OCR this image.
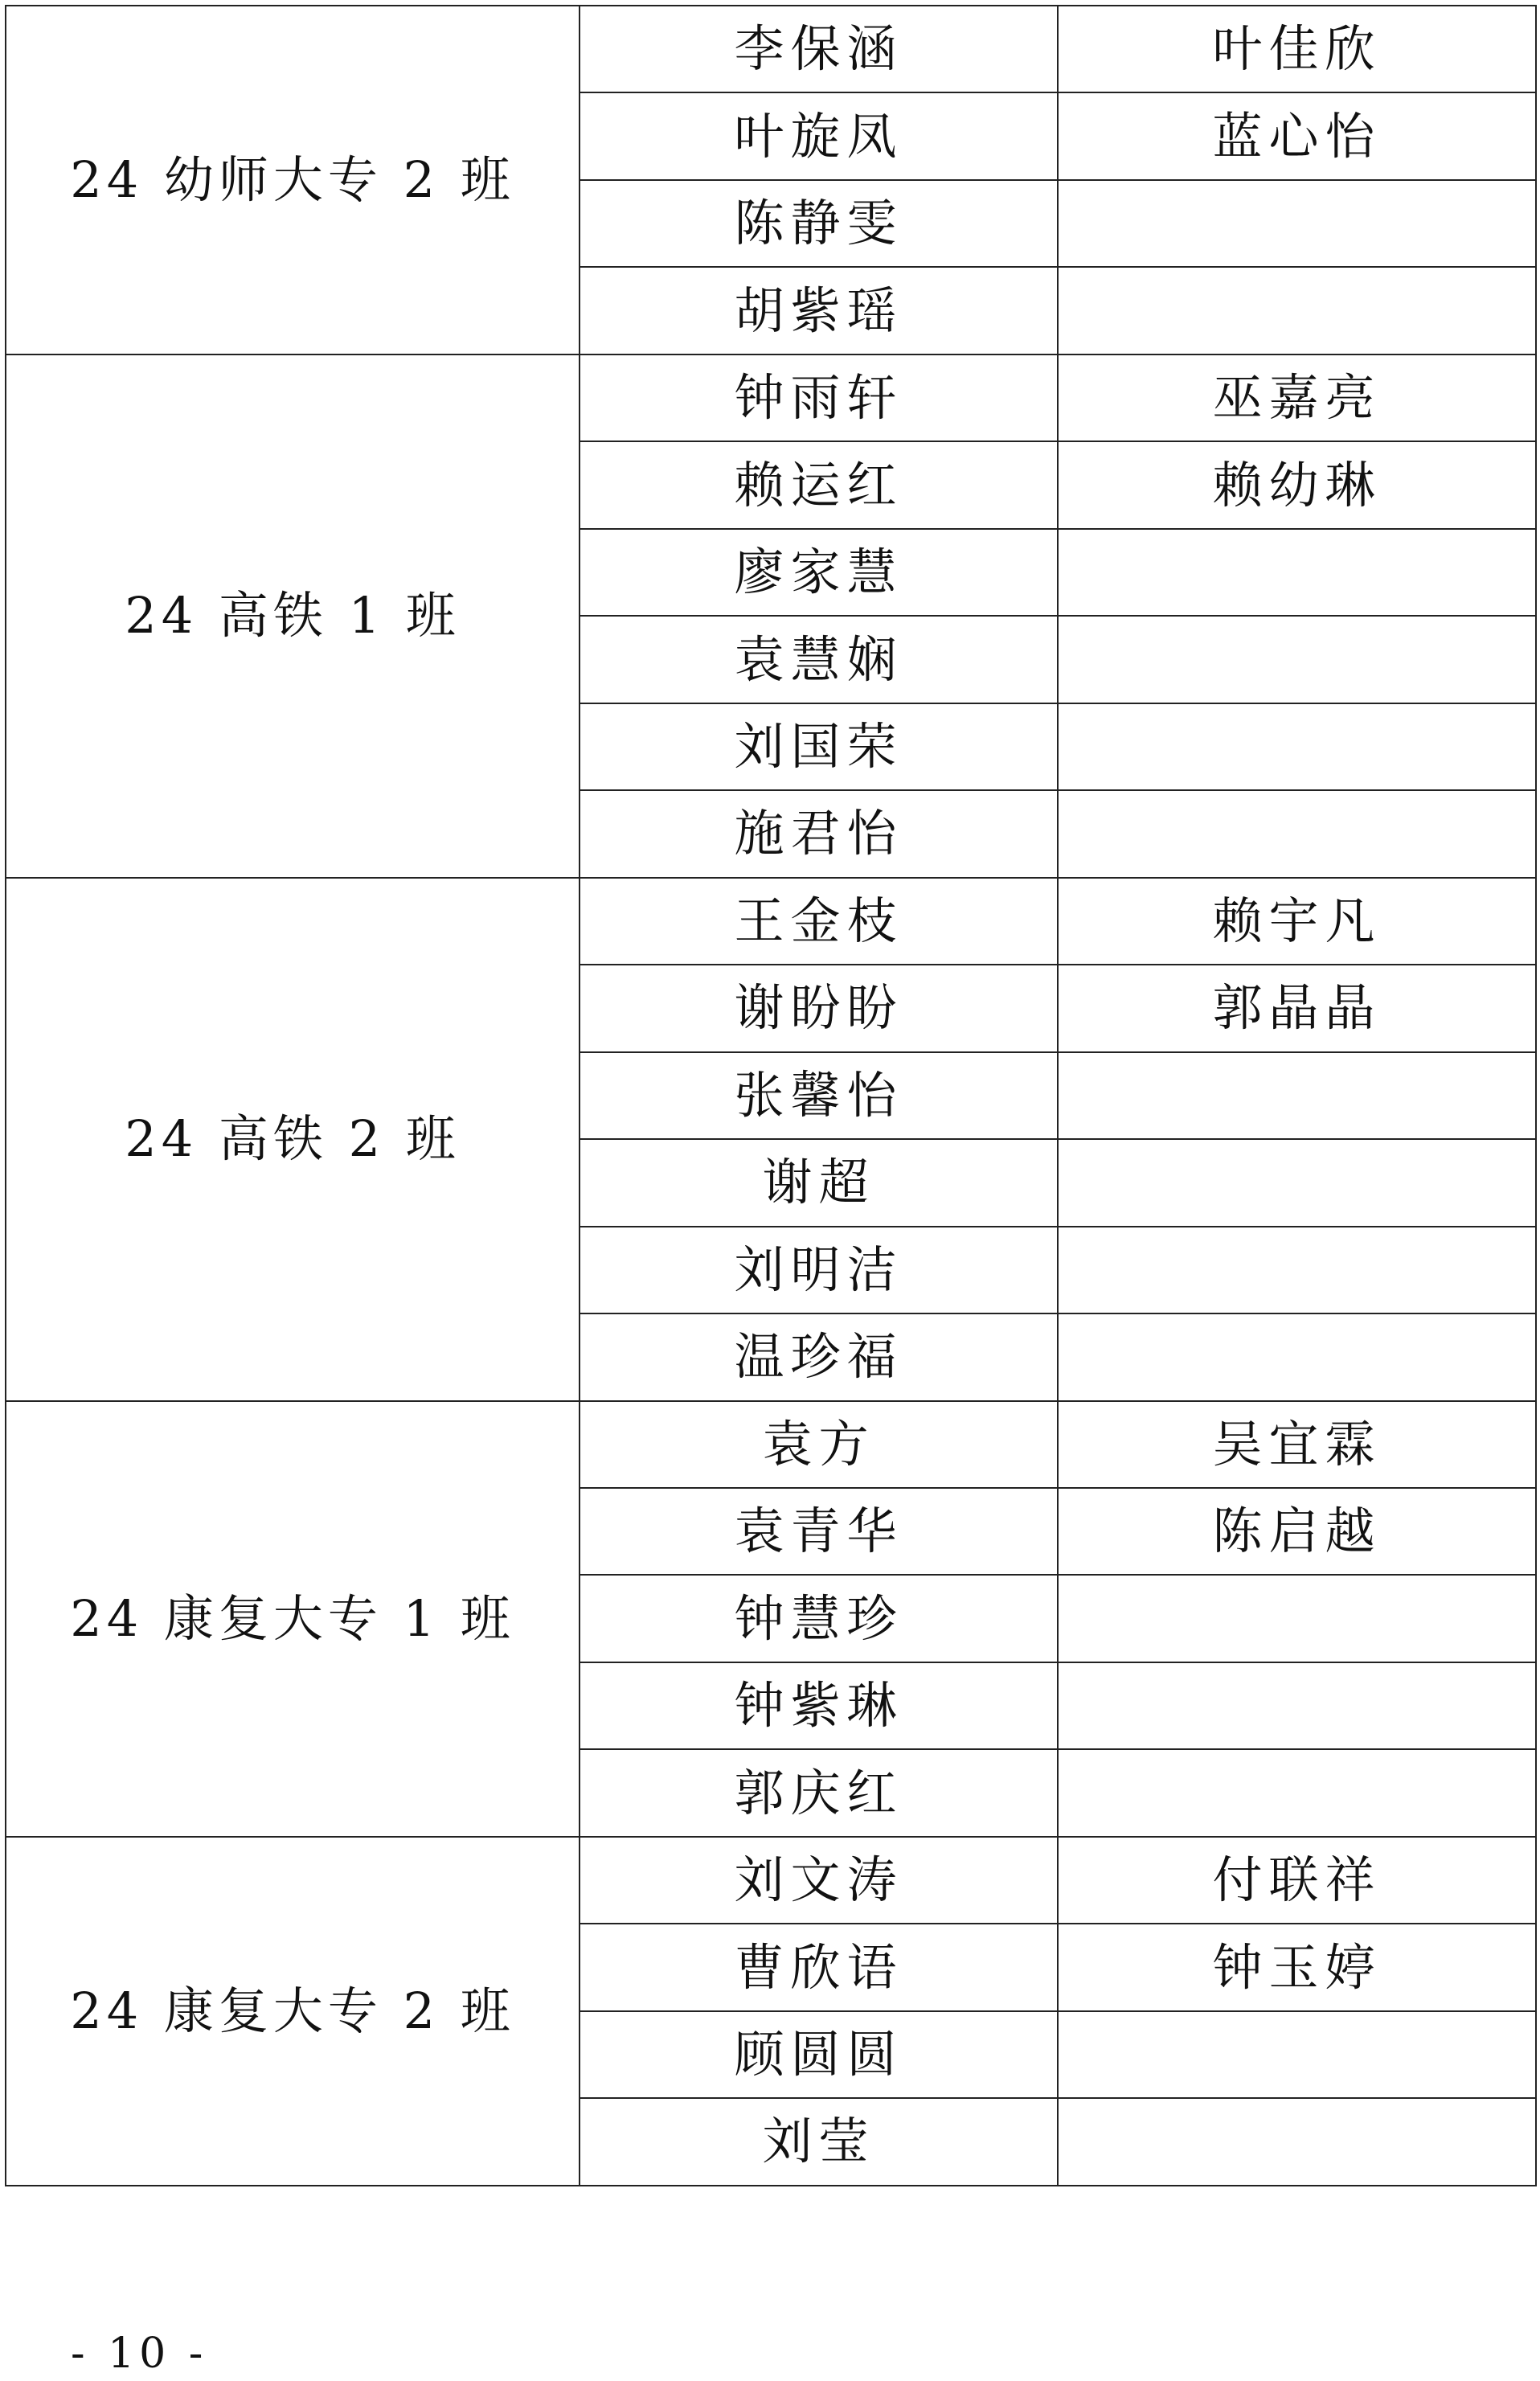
24 幼师大专 2 班	李保涵	叶佳欣
	叶旋凤	蓝心怡
	陈静雯	
	胡紫瑶	
24 高铁 1 班	钟雨轩	巫嘉亮
	赖运红	赖幼琳
	廖家慧	
	袁慧娴	
	刘国荣	
	施君怡	
24 高铁 2 班	王金枝	赖宇凡
	谢盼盼	郭晶晶
	张馨怡	
	谢超	
	刘明洁	
	温珍福	
24 康复大专 1 班	袁方	吴宜霖
	袁青华	陈启越
	钟慧珍	
	钟紫琳	
	郭庆红	
24 康复大专 2 班	刘文涛	付联祥
	曹欣语	钟玉婷
	顾圆圆	
	刘莹	
- 10 -
